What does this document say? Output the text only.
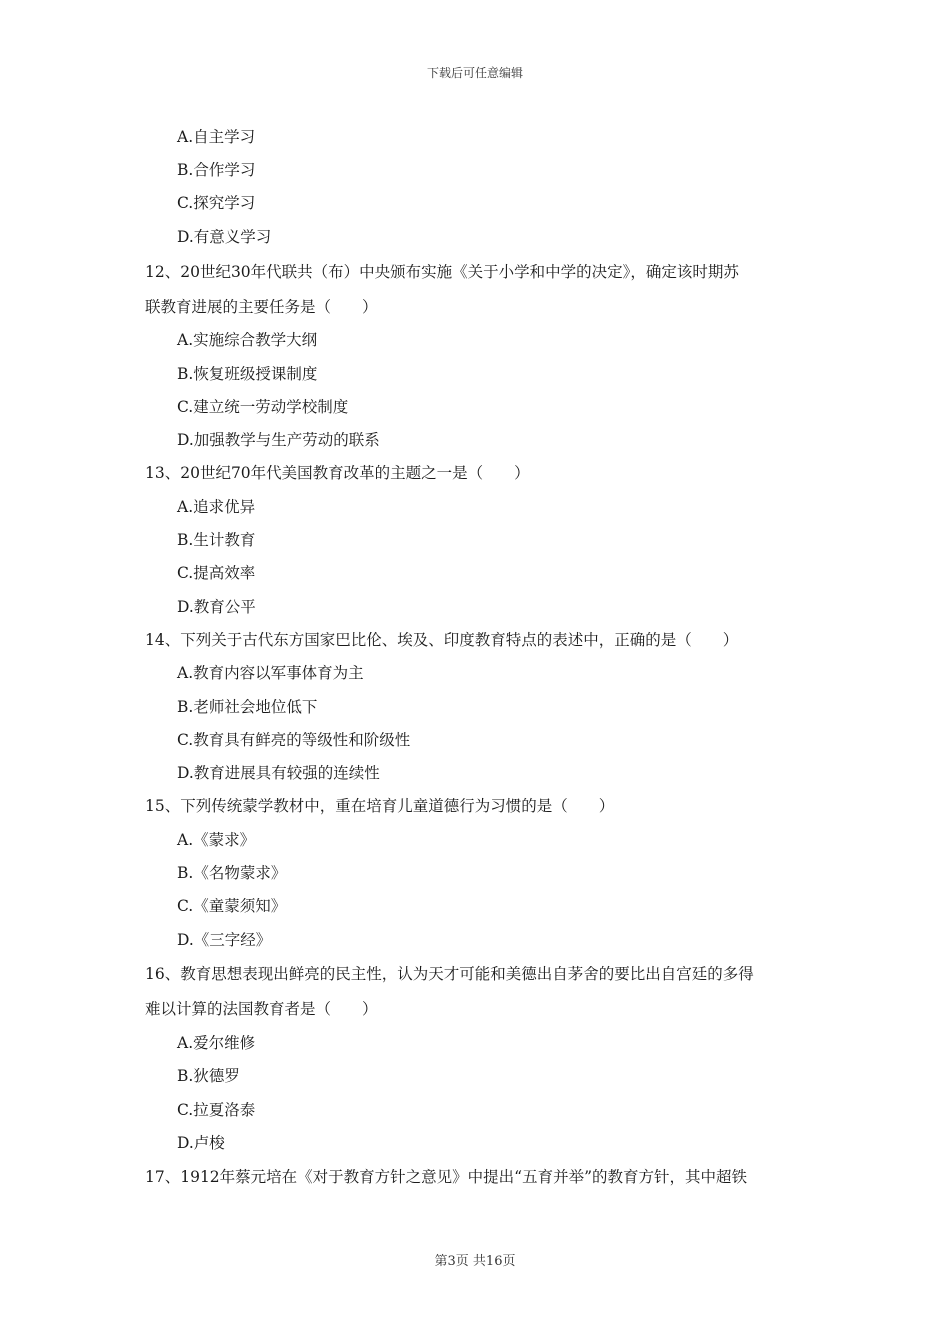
下载后可任意编辑
A.自主学习
B.合作学习
C.探究学习
D.有意义学习
12、20世纪30年代联共（布）中央颁布实施《关于小学和中学的决定》，确定该时期苏
联教育进展的主要任务是（　　）
A.实施综合教学大纲
B.恢复班级授课制度
C.建立统一劳动学校制度
D.加强教学与生产劳动的联系
13、20世纪70年代美国教育改革的主题之一是（　　）
A.追求优异
B.生计教育
C.提高效率
D.教育公平
14、下列关于古代东方国家巴比伦、埃及、印度教育特点的表述中，正确的是（　　）
A.教育内容以军事体育为主
B.老师社会地位低下
C.教育具有鲜亮的等级性和阶级性
D.教育进展具有较强的连续性
15、下列传统蒙学教材中，重在培育儿童道德行为习惯的是（　　）
A.《蒙求》
B.《名物蒙求》
C.《童蒙须知》
D.《三字经》
16、教育思想表现出鲜亮的民主性，认为天才可能和美德出自茅舍的要比出自宫廷的多得
难以计算的法国教育者是（　　）
A.爱尔维修
B.狄德罗
C.拉夏洛泰
D.卢梭
17、1912年蔡元培在《对于教育方针之意见》中提出“五育并举”的教育方针，其中超铁
第3页 共16页
